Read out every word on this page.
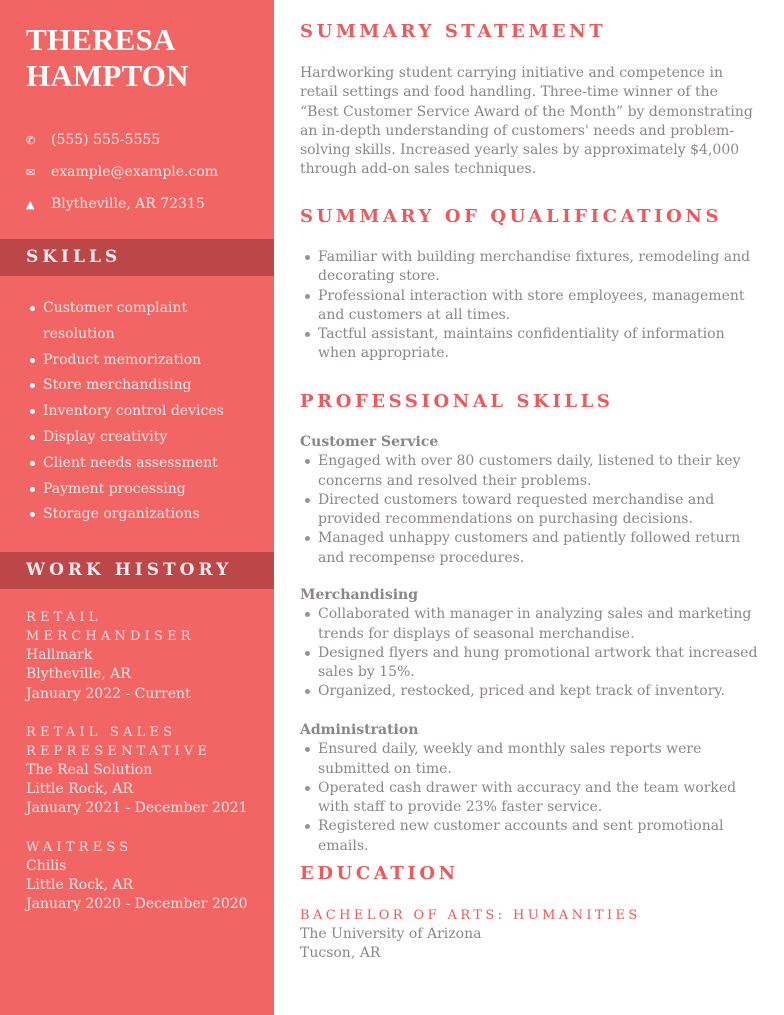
THERESA
HAMPTON
✆	(555) 555-5555
✉	example@example.com
▲	Blytheville, AR 72315
SKILLS
Customer complaint resolution
Product memorization
Store merchandising
Inventory control devices
Display creativity
Client needs assessment
Payment processing
Storage organizations
WORK HISTORY
RETAIL
MERCHANDISER
Hallmark
Blytheville, AR
January 2022 - Current
RETAIL SALES
REPRESENTATIVE
The Real Solution
Little Rock, AR
January 2021 - December 2021
WAITRESS
Chilis
Little Rock, AR
January 2020 - December 2020
SUMMARY STATEMENT
Hardworking student carrying initiative and competence in retail settings and food handling. Three-time winner of the “Best Customer Service Award of the Month” by demonstrating an in-depth understanding of customers' needs and problem-solving skills. Increased yearly sales by approximately $4,000 through add-on sales techniques.
SUMMARY OF QUALIFICATIONS
Familiar with building merchandise fixtures, remodeling and decorating store.
Professional interaction with store employees, management and customers at all times.
Tactful assistant, maintains confidentiality of information when appropriate.
PROFESSIONAL SKILLS
Customer Service
Engaged with over 80 customers daily, listened to their key concerns and resolved their problems.
Directed customers toward requested merchandise and provided recommendations on purchasing decisions.
Managed unhappy customers and patiently followed return and recompense procedures.
Merchandising
Collaborated with manager in analyzing sales and marketing trends for displays of seasonal merchandise.
Designed flyers and hung promotional artwork that increased sales by 15%.
Organized, restocked, priced and kept track of inventory.
Administration
Ensured daily, weekly and monthly sales reports were submitted on time.
Operated cash drawer with accuracy and the team worked with staff to provide 23% faster service.
Registered new customer accounts and sent promotional emails.
EDUCATION
BACHELOR OF ARTS: HUMANITIES
The University of Arizona
Tucson, AR
